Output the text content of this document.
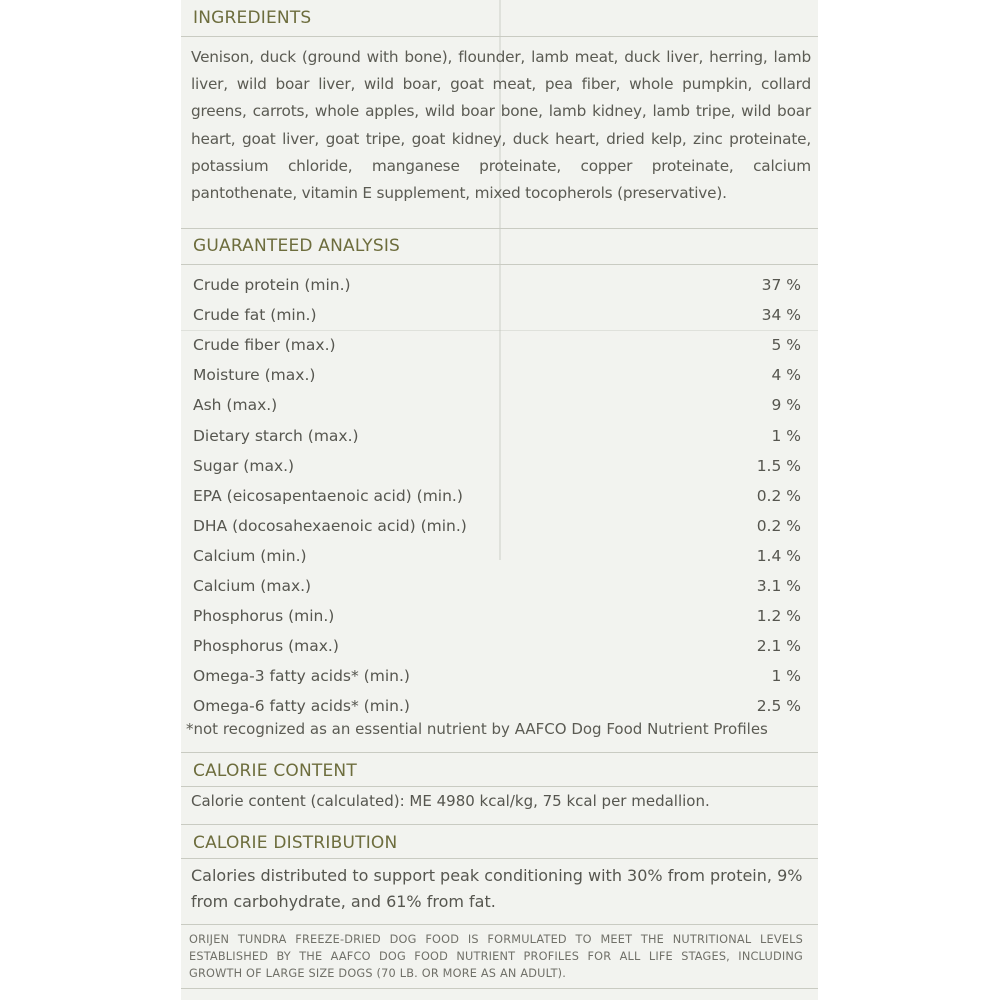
INGREDIENTS
Venison, duck (ground with bone), flounder, lamb meat, duck liver, herring, lamb liver, wild boar liver, wild boar, goat meat, pea fiber, whole pumpkin, collard greens, carrots, whole apples, wild boar bone, lamb kidney, lamb tripe, wild boar heart, goat liver, goat tripe, goat kidney, duck heart, dried kelp, zinc proteinate, potassium chloride, manganese proteinate, copper proteinate, calcium pantothenate, vitamin E supplement, mixed tocopherols (preservative).
GUARANTEED ANALYSIS
Crude protein (min.)	37 %
Crude fat (min.)	34 %
Crude fiber (max.)	5 %
Moisture (max.)	4 %
Ash (max.)	9 %
Dietary starch (max.)	1 %
Sugar (max.)	1.5 %
EPA (eicosapentaenoic acid) (min.)	0.2 %
DHA (docosahexaenoic acid) (min.)	0.2 %
Calcium (min.)	1.4 %
Calcium (max.)	3.1 %
Phosphorus (min.)	1.2 %
Phosphorus (max.)	2.1 %
Omega-3 fatty acids* (min.)	1 %
Omega-6 fatty acids* (min.)	2.5 %
*not recognized as an essential nutrient by AAFCO Dog Food Nutrient Profiles
CALORIE CONTENT
Calorie content (calculated): ME 4980 kcal/kg, 75 kcal per medallion.
CALORIE DISTRIBUTION
Calories distributed to support peak conditioning with 30% from protein, 9% from carbohydrate, and 61% from fat.
ORIJEN TUNDRA FREEZE-DRIED DOG FOOD IS FORMULATED TO MEET THE NUTRITIONAL LEVELS ESTABLISHED BY THE AAFCO DOG FOOD NUTRIENT PROFILES FOR ALL LIFE STAGES, INCLUDING GROWTH OF LARGE SIZE DOGS (70 LB. OR MORE AS AN ADULT).
